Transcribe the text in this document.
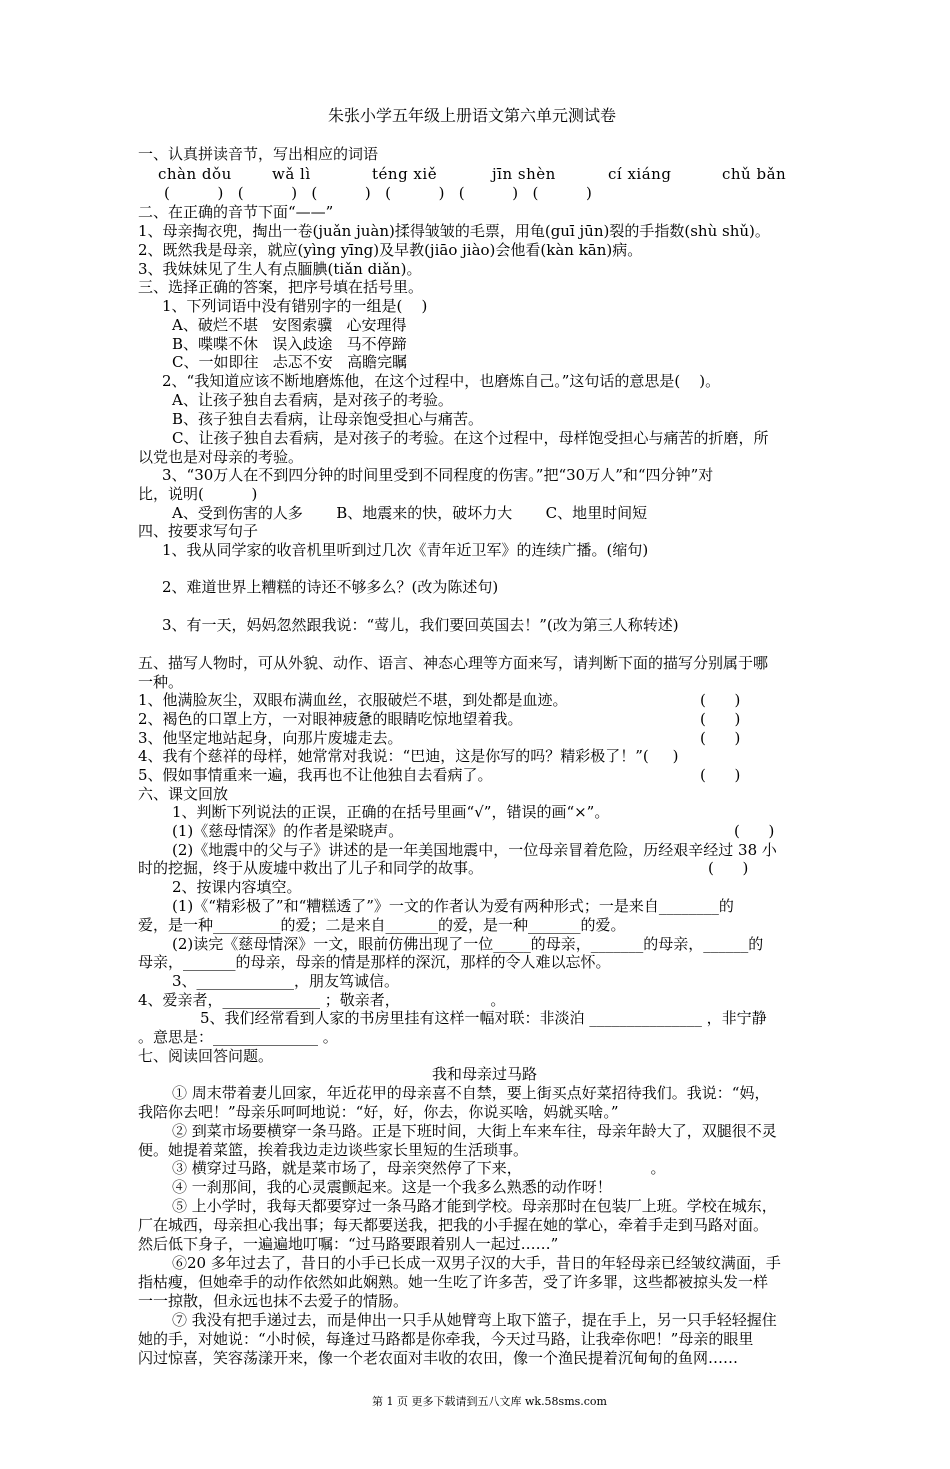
朱张小学五年级上册语文第六单元测试卷
一、认真拼读音节，写出相应的词语
chàn dǒu	wǎ lì	téng xiě	jīn shèn	cí xiáng	chǔ bǎn
(          )   (          )   (          )   (          )   (          )   (          )
二、在正确的音节下面“——”
1、母亲掏衣兜，掏出一卷(juǎn juàn)揉得皱皱的毛票，用龟(guī jūn)裂的手指数(shù shǔ)。
2、既然我是母亲，就应(yìng yīng)及早教(jiāo jiào)会他看(kàn kān)病。
3、我妹妹见了生人有点腼腆(tiǎn diǎn)。
三、选择正确的答案，把序号填在括号里。
1、下列词语中没有错别字的一组是(    )
A、破烂不堪   安图索骥   心安理得
B、喋喋不休   误入歧途   马不停蹄
C、一如即往   忐忑不安   高瞻完瞩
2、“我知道应该不断地磨炼他，在这个过程中，也磨炼自己。”这句话的意思是(    )。
A、让孩子独自去看病，是对孩子的考验。
B、孩子独自去看病，让母亲饱受担心与痛苦。
C、让孩子独自去看病，是对孩子的考验。在这个过程中，母样饱受担心与痛苦的折磨，所
以党也是对母亲的考验。
3、“30万人在不到四分钟的时间里受到不同程度的伤害。”把“30万人”和“四分钟”对
比，说明(          )
A、受到伤害的人多       B、地震来的快，破坏力大       C、地里时间短
四、按要求写句子
1、我从同学家的收音机里听到过几次《青年近卫军》的连续广播。(缩句)
2、难道世界上糟糕的诗还不够多么？(改为陈述句)
3、有一天，妈妈忽然跟我说：“莺儿，我们要回英国去！”(改为第三人称转述)
五、描写人物时，可从外貌、动作、语言、神态心理等方面来写，请判断下面的描写分别属于哪
一种。
1、他满脸灰尘，双眼布满血丝，衣服破烂不堪，到处都是血迹。	(      )
2、褐色的口罩上方，一对眼神疲惫的眼睛吃惊地望着我。	(      )
3、他坚定地站起身，向那片废墟走去。	(      )
4、我有个慈祥的母样，她常常对我说：“巴迪，这是你写的吗？精彩极了！”(     )
5、假如事情重来一遍，我再也不让他独自去看病了。	(      )
六、课文回放
1、判断下列说法的正误，正确的在括号里画“√”，错误的画“×”。
(1)《慈母情深》的作者是梁晓声。	(      )
(2)《地震中的父与子》讲述的是一年美国地震中，一位母亲冒着危险，历经艰辛经过 38 小
时的挖掘，终于从废墟中救出了儿子和同学的故事。	(      )
2、按课内容填空。
(1)《“精彩极了”和“糟糕透了”》一文的作者认为爱有两种形式；一是来自________的
爱，是一种_________的爱；二是来自_______的爱，是一种_______的爱。
(2)读完《慈母情深》一文，眼前仿佛出现了一位_____的母亲，_______的母亲，______的
母亲，_______的母亲，母亲的情是那样的深沉，那样的令人难以忘怀。
3、_____________，朋友笃诚信。
4、爱亲者，_____________ ；敬亲者，                   。
5、我们经常看到人家的书房里挂有这样一幅对联：非淡泊 _______________ ，非宁静
。意思是：______________ 。
七、阅读回答问题。
我和母亲过马路
① 周末带着妻儿回家，年近花甲的母亲喜不自禁，要上街买点好菜招待我们。我说：“妈，
我陪你去吧！”母亲乐呵呵地说：“好，好，你去，你说买啥，妈就买啥。”
② 到菜市场要横穿一条马路。正是下班时间，大街上车来车往，母亲年龄大了，双腿很不灵
便。她提着菜篮，挨着我边走边谈些家长里短的生活琐事。
③ 横穿过马路，就是菜市场了，母亲突然停了下来，                           。
④ 一刹那间，我的心灵震颤起来。这是一个我多么熟悉的动作呀！
⑤ 上小学时，我每天都要穿过一条马路才能到学校。母亲那时在包装厂上班。学校在城东，
厂在城西，母亲担心我出事；每天都要送我，把我的小手握在她的掌心，牵着手走到马路对面。
然后低下身子，一遍遍地叮嘱：“过马路要跟着别人一起过……”
⑥20 多年过去了，昔日的小手已长成一双男子汉的大手，昔日的年轻母亲已经皱纹满面，手
指枯瘦，但她牵手的动作依然如此娴熟。她一生吃了许多苦，受了许多罪，这些都被掠头发一样
一一掠散，但永远也抹不去爱子的情肠。
⑦ 我没有把手递过去，而是伸出一只手从她臂弯上取下篮子，提在手上，另一只手轻轻握住
她的手，对她说：“小时候，每逢过马路都是你牵我，今天过马路，让我牵你吧！”母亲的眼里
闪过惊喜，笑容荡漾开来，像一个老农面对丰收的农田，像一个渔民提着沉甸甸的鱼网……
第 1 页 更多下载请到五八文库 wk.58sms.com
